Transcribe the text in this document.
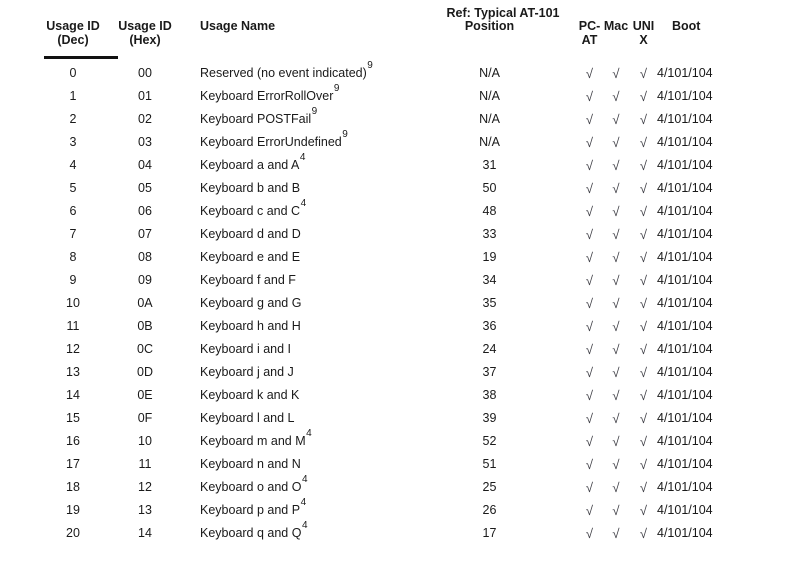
			Ref: Typical AT-101					

Usage ID	Usage ID	Usage Name	Position		PC-	Mac	UNI	Boot
(Dec)	(Hex)				AT		X	

0	00	Reserved (no event indicated)$^9$	N/A		√	√	√	4/101/104
1	01	Keyboard ErrorRollOver$^9$	N/A		√	√	√	4/101/104
2	02	Keyboard POSTFail$^9$	N/A		√	√	√	4/101/104
3	03	Keyboard ErrorUndefined$^9$	N/A		√	√	√	4/101/104
4	04	Keyboard a and A$^4$	31		√	√	√	4/101/104
5	05	Keyboard b and B	50		√	√	√	4/101/104
6	06	Keyboard c and C$^4$	48		√	√	√	4/101/104
7	07	Keyboard d and D	33		√	√	√	4/101/104
8	08	Keyboard e and E	19		√	√	√	4/101/104
9	09	Keyboard f and F	34		√	√	√	4/101/104
10	0A	Keyboard g and G	35		√	√	√	4/101/104
11	0B	Keyboard h and H	36		√	√	√	4/101/104
12	0C	Keyboard i and I	24		√	√	√	4/101/104
13	0D	Keyboard j and J	37		√	√	√	4/101/104
14	0E	Keyboard k and K	38		√	√	√	4/101/104
15	0F	Keyboard l and L	39		√	√	√	4/101/104
16	10	Keyboard m and M$^4$	52		√	√	√	4/101/104
17	11	Keyboard n and N	51		√	√	√	4/101/104
18	12	Keyboard o and O$^4$	25		√	√	√	4/101/104
19	13	Keyboard p and P$^4$	26		√	√	√	4/101/104
20	14	Keyboard q and Q$^4$	17		√	√	√	4/101/104
